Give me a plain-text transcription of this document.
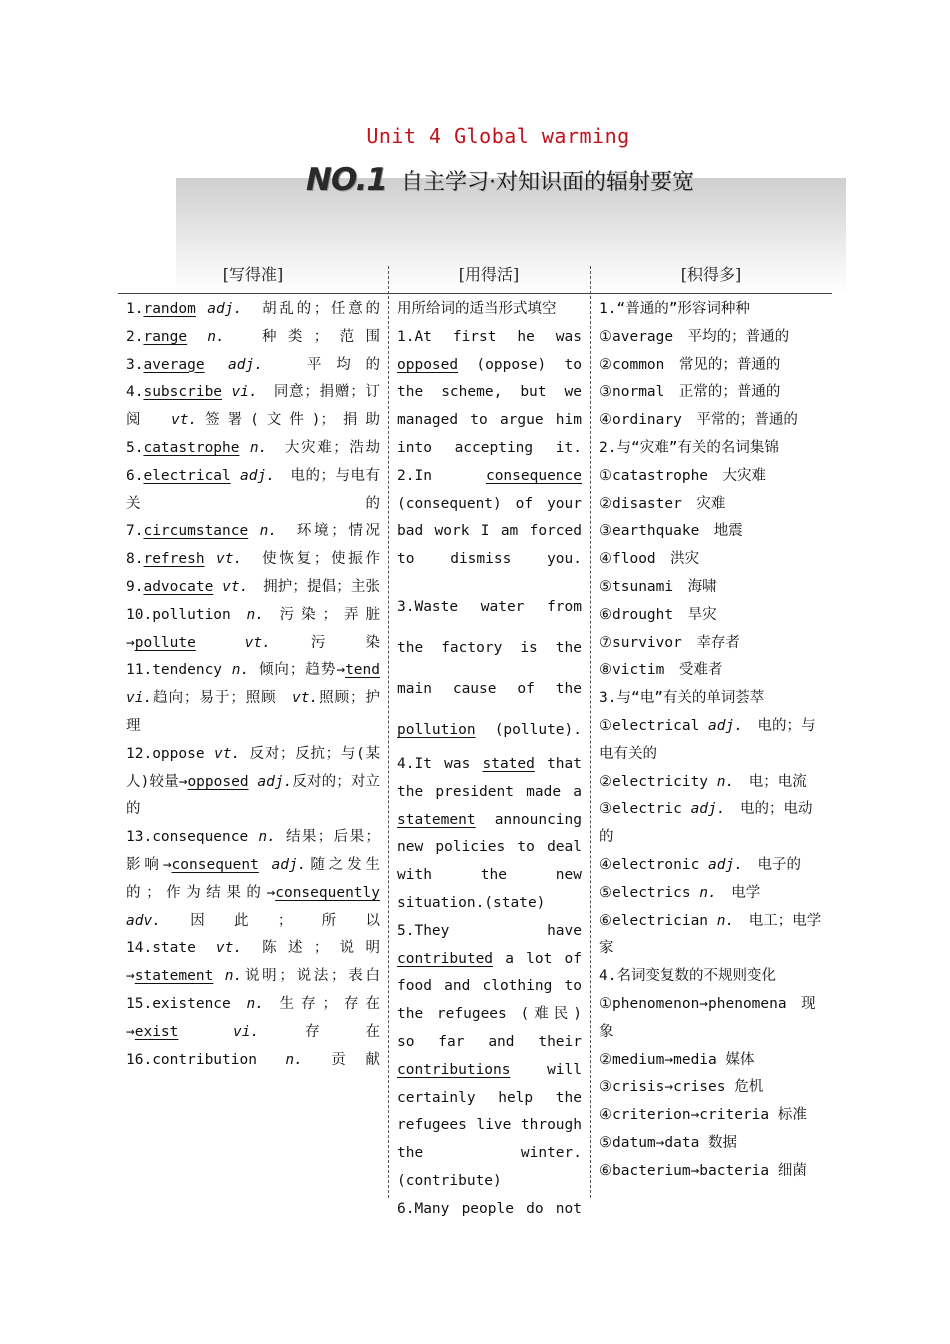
Unit 4 Global warming
NO.1 自主学习·对知识面的辐射要宽
[写得准]	[用得活]	[积得多]

1.random adj.　胡乱的；任意的

2.range n.　种类；范围

3.average adj.　平均的

4.subscribe vi.　同意；捐赠；订阅　vt.签署(文件)；捐助

5.catastrophe n.　大灾难；浩劫

6.electrical adj.　电的；与电有关的

7.circumstance n.　环境；情况

8.refresh vt.　使恢复；使振作

9.advocate vt.　拥护；提倡；主张

10.pollution n. 污染；弄脏→pollute vt.污染

11.tendency n. 倾向；趋势→tend vi.趋向；易于；照顾　vt.照顾；护理

12.oppose vt. 反对；反抗；与(某人)较量→opposed adj.反对的；对立的

13.consequence n. 结果；后果；影响→consequent adj.随之发生的；作为结果的→consequently adv.因此；所以

14.state vt. 陈述；说明→statement n.说明；说法；表白

15.existence n. 生存；存在→exist vi.存在

16.contribution n. 贡献

用所给词的适当形式填空

1.At first he was opposed (oppose) to the scheme, but we managed to argue him into accepting it.

2.In consequence (consequent) of your bad work I am forced to dismiss you.

3.Waste water from the factory is the main cause of the pollution (pollute).

4.It was stated that the president made a statement announcing new policies to deal with the new situation.(state)

5.They have contributed a lot of food and clothing to the refugees (难民) so far and their contributions will certainly help the refugees live through the winter.(contribute)

6.Many people do not

1.“普通的”形容词种种

①average　平均的；普通的

②common　常见的；普通的

③normal　正常的；普通的

④ordinary　平常的；普通的

2.与“灾难”有关的名词集锦

①catastrophe　大灾难

②disaster　灾难

③earthquake　地震

④flood　洪灾

⑤tsunami　海啸

⑥drought　旱灾

⑦survivor　幸存者

⑧victim　受难者

3.与“电”有关的单词荟萃

①electrical adj.　电的；与电有关的

②electricity n.　电；电流

③electric adj.　电的；电动的

④electronic adj.　电子的

⑤electrics n.　电学

⑥electrician n.　电工；电学家

4.名词变复数的不规则变化

①phenomenon→phenomena　现象

②medium→media 媒体

③crisis→crises 危机

④criterion→criteria 标准

⑤datum→data 数据

⑥bacterium→bacteria 细菌
